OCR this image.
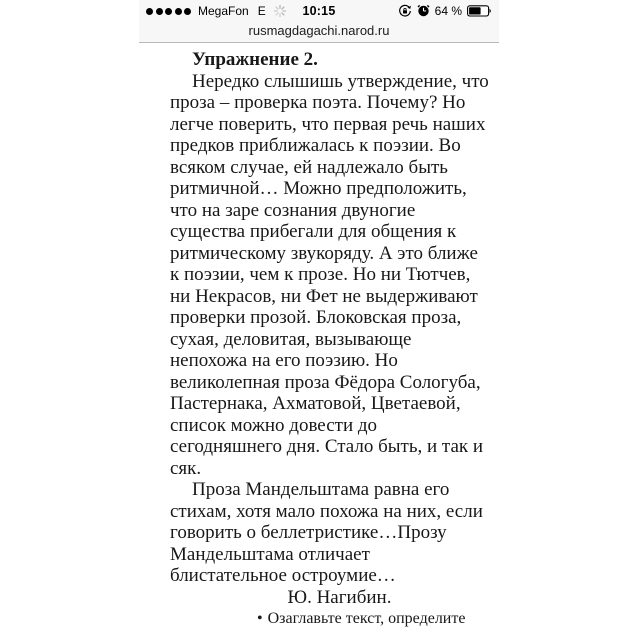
MegaFon E	10:15	64 %
rusmagdagachi.narod.ru
Упражнение 2.
Нередко слышишь утверждение, что
проза – проверка поэта. Почему? Но
легче поверить, что первая речь наших
предков приближалась к поэзии. Во
всяком случае, ей надлежало быть
ритмичной… Можно предположить,
что на заре сознания двуногие
существа прибегали для общения к
ритмическому звукоряду. А это ближе
к поэзии, чем к прозе. Но ни Тютчев,
ни Некрасов, ни Фет не выдерживают
проверки прозой. Блоковская проза,
сухая, деловитая, вызывающе
непохожа на его поэзию. Но
великолепная проза Фёдора Сологуба,
Пастернака, Ахматовой, Цветаевой,
список можно довести до
сегодняшнего дня. Стало быть, и так и
сяк.
Проза Мандельштама равна его
стихам, хотя мало похожа на них, если
говорить о беллетристике…Прозу
Мандельштама отличает
блистательное остроумие…
Ю. Нагибин.
• Озаглавьте текст, определите
